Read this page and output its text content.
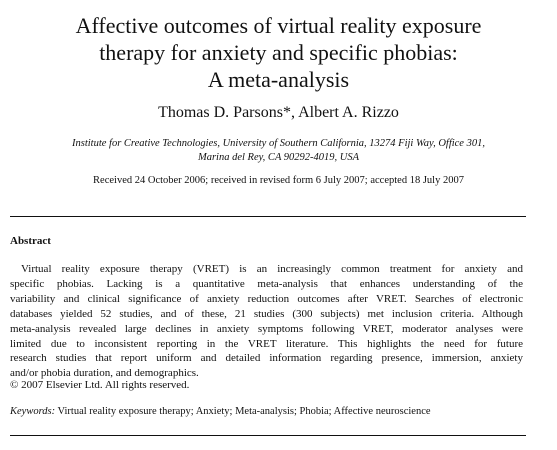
Affective outcomes of virtual reality exposure
therapy for anxiety and specific phobias:
A meta-analysis
Thomas D. Parsons*, Albert A. Rizzo
Institute for Creative Technologies, University of Southern California, 13274 Fiji Way, Office 301,
Marina del Rey, CA 90292-4019, USA
Received 24 October 2006; received in revised form 6 July 2007; accepted 18 July 2007
Abstract
Virtual reality exposure therapy (VRET) is an increasingly common treatment for anxiety and
specific phobias. Lacking is a quantitative meta-analysis that enhances understanding of the
variability and clinical significance of anxiety reduction outcomes after VRET. Searches of electronic
databases yielded 52 studies, and of these, 21 studies (300 subjects) met inclusion criteria. Although
meta-analysis revealed large declines in anxiety symptoms following VRET, moderator analyses were
limited due to inconsistent reporting in the VRET literature. This highlights the need for future
research studies that report uniform and detailed information regarding presence, immersion, anxiety
and/or phobia duration, and demographics.
© 2007 Elsevier Ltd. All rights reserved.
Keywords: Virtual reality exposure therapy; Anxiety; Meta-analysis; Phobia; Affective neuroscience
